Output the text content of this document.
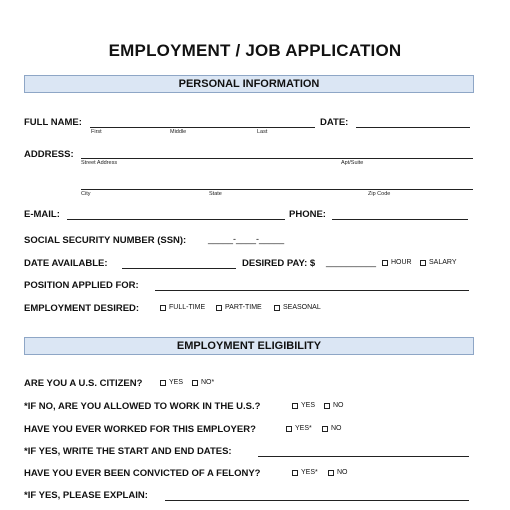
EMPLOYMENT / JOB APPLICATION
PERSONAL INFORMATION
FULL NAME:	DATE:
First	Middle	Last
ADDRESS:
Street Address	Apt/Suite
City	State	Zip Code
E-MAIL:	PHONE:
SOCIAL SECURITY NUMBER (SSN): _____-____-_____
DATE AVAILABLE:	DESIRED PAY: $ __________ HOUR SALARY
POSITION APPLIED FOR:
EMPLOYMENT DESIRED:	FULL-TIME	PART-TIME	SEASONAL
EMPLOYMENT ELIGIBILITY
ARE YOU A U.S. CITIZEN?	YES	NO*
*IF NO, ARE YOU ALLOWED TO WORK IN THE U.S.?	YES	NO
HAVE YOU EVER WORKED FOR THIS EMPLOYER?	YES*	NO
*IF YES, WRITE THE START AND END DATES:
HAVE YOU EVER BEEN CONVICTED OF A FELONY?	YES*	NO
*IF YES, PLEASE EXPLAIN:
